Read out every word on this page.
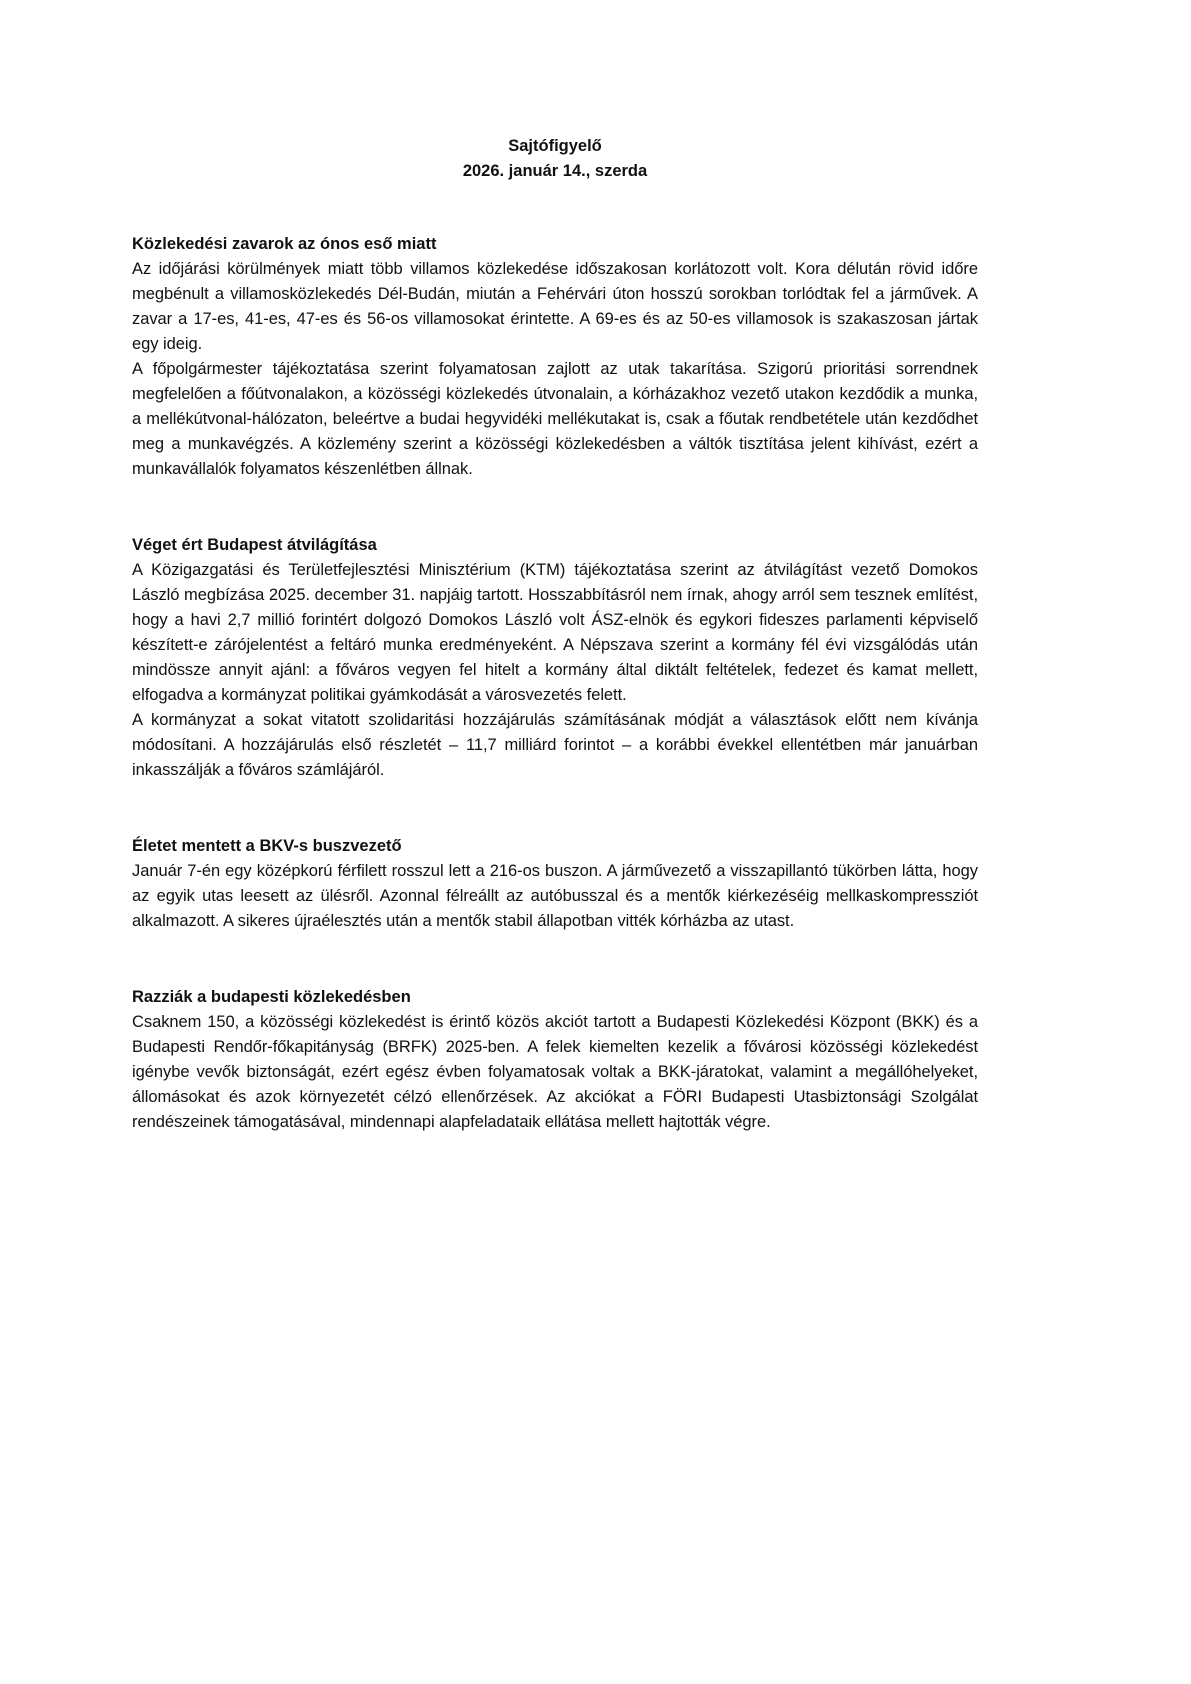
Sajtófigyelő
2026. január 14., szerda

Közlekedési zavarok az ónos eső miatt

Az időjárási körülmények miatt több villamos közlekedése időszakosan korlátozott volt. Kora délután rövid időre megbénult a villamosközlekedés Dél-Budán, miután a Fehérvári úton hosszú sorokban torlódtak fel a járművek. A zavar a 17-es, 41-es, 47-es és 56-os villamosokat érintette. A 69-es és az 50-es villamosok is szakaszosan jártak egy ideig.

A főpolgármester tájékoztatása szerint folyamatosan zajlott az utak takarítása. Szigorú prioritási sorrendnek megfelelően a főútvonalakon, a közösségi közlekedés útvonalain, a kórházakhoz vezető utakon kezdődik a munka, a mellékútvonal-hálózaton, beleértve a budai hegyvidéki mellékutakat is, csak a főutak rendbetétele után kezdődhet meg a munkavégzés. A közlemény szerint a közösségi közlekedésben a váltók tisztítása jelent kihívást, ezért a munkavállalók folyamatos készenlétben állnak.

Véget ért Budapest átvilágítása

A Közigazgatási és Területfejlesztési Minisztérium (KTM) tájékoztatása szerint az átvilágítást vezető Domokos László megbízása 2025. december 31. napjáig tartott. Hosszabbításról nem írnak, ahogy arról sem tesznek említést, hogy a havi 2,7 millió forintért dolgozó Domokos László volt ÁSZ-elnök és egykori fideszes parlamenti képviselő készített-e zárójelentést a feltáró munka eredményeként. A Népszava szerint a kormány fél évi vizsgálódás után mindössze annyit ajánl: a főváros vegyen fel hitelt a kormány által diktált feltételek, fedezet és kamat mellett, elfogadva a kormányzat politikai gyámkodását a városvezetés felett.

A kormányzat a sokat vitatott szolidaritási hozzájárulás számításának módját a választások előtt nem kívánja módosítani. A hozzájárulás első részletét – 11,7 milliárd forintot – a korábbi évekkel ellentétben már januárban inkasszálják a főváros számlájáról.

Életet mentett a BKV-s buszvezető

Január 7-én egy középkorú férfilett rosszul lett a 216-os buszon. A járművezető a visszapillantó tükörben látta, hogy az egyik utas leesett az ülésről. Azonnal félreállt az autóbusszal és a mentők kiérkezéséig mellkaskompressziót alkalmazott. A sikeres újraélesztés után a mentők stabil állapotban vitték kórházba az utast.

Razziák a budapesti közlekedésben

Csaknem 150, a közösségi közlekedést is érintő közös akciót tartott a Budapesti Közlekedési Központ (BKK) és a Budapesti Rendőr-főkapitányság (BRFK) 2025-ben. A felek kiemelten kezelik a fővárosi közösségi közlekedést igénybe vevők biztonságát, ezért egész évben folyamatosak voltak a BKK-járatokat, valamint a megállóhelyeket, állomásokat és azok környezetét célzó ellenőrzések. Az akciókat a FÖRI Budapesti Utasbiztonsági Szolgálat rendészeinek támogatásával, mindennapi alapfeladataik ellátása mellett hajtották végre.
